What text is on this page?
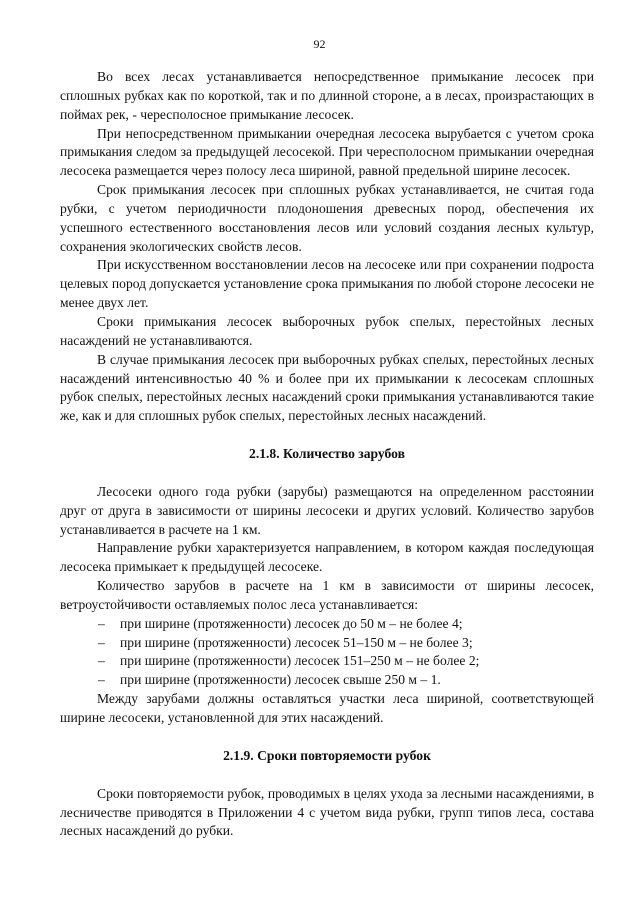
92

Во всех лесах устанавливается непосредственное примыкание лесосек при сплошных рубках как по короткой, так и по длинной стороне, а в лесах, произрастающих в поймах рек, - чересполосное примыкание лесосек.

При непосредственном примыкании очередная лесосека вырубается с учетом срока примыкания следом за предыдущей лесосекой. При чересполосном примыкании очередная лесосека размещается через полосу леса шириной, равной предельной ширине лесосек.

Срок примыкания лесосек при сплошных рубках устанавливается, не считая года рубки, с учетом периодичности плодоношения древесных пород, обеспечения их успешного естественного восстановления лесов или условий создания лесных культур, сохранения экологических свойств лесов.

При искусственном восстановлении лесов на лесосеке или при сохранении подроста целевых пород допускается установление срока примыкания по любой стороне лесосеки не менее двух лет.

Сроки примыкания лесосек выборочных рубок спелых, перестойных лесных насаждений не устанавливаются.

В случае примыкания лесосек при выборочных рубках спелых, перестойных лесных насаждений интенсивностью 40 % и более при их примыкании к лесосекам сплошных рубок спелых, перестойных лесных насаждений сроки примыкания устанавливаются такие же, как и для сплошных рубок спелых, перестойных лесных насаждений.

2.1.8. Количество зарубов

Лесосеки одного года рубки (зарубы) размещаются на определенном расстоянии друг от друга в зависимости от ширины лесосеки и других условий. Количество зарубов устанавливается в расчете на 1 км.

Направление рубки характеризуется направлением, в котором каждая последующая лесосека примыкает к предыдущей лесосеке.

Количество зарубов в расчете на 1 км в зависимости от ширины лесосек, ветроустойчивости оставляемых полос леса устанавливается:

– при ширине (протяженности) лесосек до 50 м – не более 4;
– при ширине (протяженности) лесосек 51–150 м – не более 3;
– при ширине (протяженности) лесосек 151–250 м – не более 2;
– при ширине (протяженности) лесосек свыше 250 м – 1.

Между зарубами должны оставляться участки леса шириной, соответствующей ширине лесосеки, установленной для этих насаждений.

2.1.9. Сроки повторяемости рубок

Сроки повторяемости рубок, проводимых в целях ухода за лесными насаждениями, в лесничестве приводятся в Приложении 4 с учетом вида рубки, групп типов леса, состава лесных насаждений до рубки.
